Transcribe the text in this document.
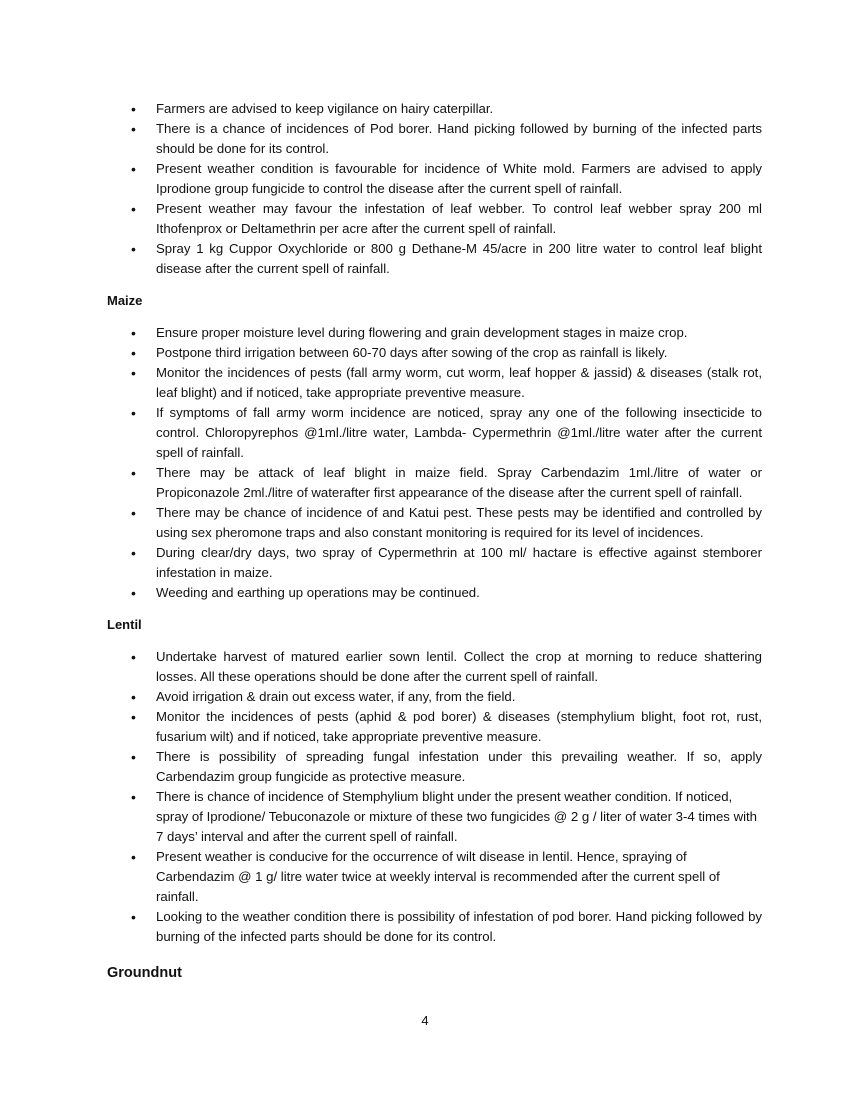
• Farmers are advised to keep vigilance on hairy caterpillar.
• There is a chance of incidences of Pod borer. Hand picking followed by burning of the infected parts should be done for its control.
• Present weather condition is favourable for incidence of White mold. Farmers are advised to apply Iprodione group fungicide to control the disease after the current spell of rainfall.
• Present weather may favour the infestation of leaf webber. To control leaf webber spray 200 ml Ithofenprox or Deltamethrin per acre after the current spell of rainfall.
• Spray 1 kg Cuppor Oxychloride or 800 g Dethane-M 45/acre in 200 litre water to control leaf blight disease after the current spell of rainfall.
Maize
• Ensure proper moisture level during flowering and grain development stages in maize crop.
• Postpone third irrigation between 60-70 days after sowing of the crop as rainfall is likely.
• Monitor the incidences of pests (fall army worm, cut worm, leaf hopper & jassid) & diseases (stalk rot, leaf blight) and if noticed, take appropriate preventive measure.
• If symptoms of fall army worm incidence are noticed, spray any one of the following insecticide to control. Chloropyrephos @1ml./litre water, Lambda- Cypermethrin @1ml./litre water after the current spell of rainfall.
• There may be attack of leaf blight in maize field. Spray Carbendazim 1ml./litre of water or Propiconazole 2ml./litre of waterafter first appearance of the disease after the current spell of rainfall.
• There may be chance of incidence of and Katui pest. These pests may be identified and controlled by using sex pheromone traps and also constant monitoring is required for its level of incidences.
• During clear/dry days, two spray of Cypermethrin at 100 ml/ hactare is effective against stemborer infestation in maize.
• Weeding and earthing up operations may be continued.
Lentil
• Undertake harvest of matured earlier sown lentil. Collect the crop at morning to reduce shattering losses. All these operations should be done after the current spell of rainfall.
• Avoid irrigation & drain out excess water, if any, from the field.
• Monitor the incidences of pests (aphid & pod borer) & diseases (stemphylium blight, foot rot, rust, fusarium wilt) and if noticed, take appropriate preventive measure.
• There is possibility of spreading fungal infestation under this prevailing weather. If so, apply Carbendazim group fungicide as protective measure.
• There is chance of incidence of Stemphylium blight under the present weather condition. If noticed, spray of Iprodione/ Tebuconazole or mixture of these two fungicides @ 2 g / liter of water 3-4 times with 7 days’ interval and after the current spell of rainfall.
• Present weather is conducive for the occurrence of wilt disease in lentil. Hence, spraying of Carbendazim @ 1 g/ litre water twice at weekly interval is recommended after the current spell of rainfall.
• Looking to the weather condition there is possibility of infestation of pod borer. Hand picking followed by burning of the infected parts should be done for its control.
Groundnut
4
